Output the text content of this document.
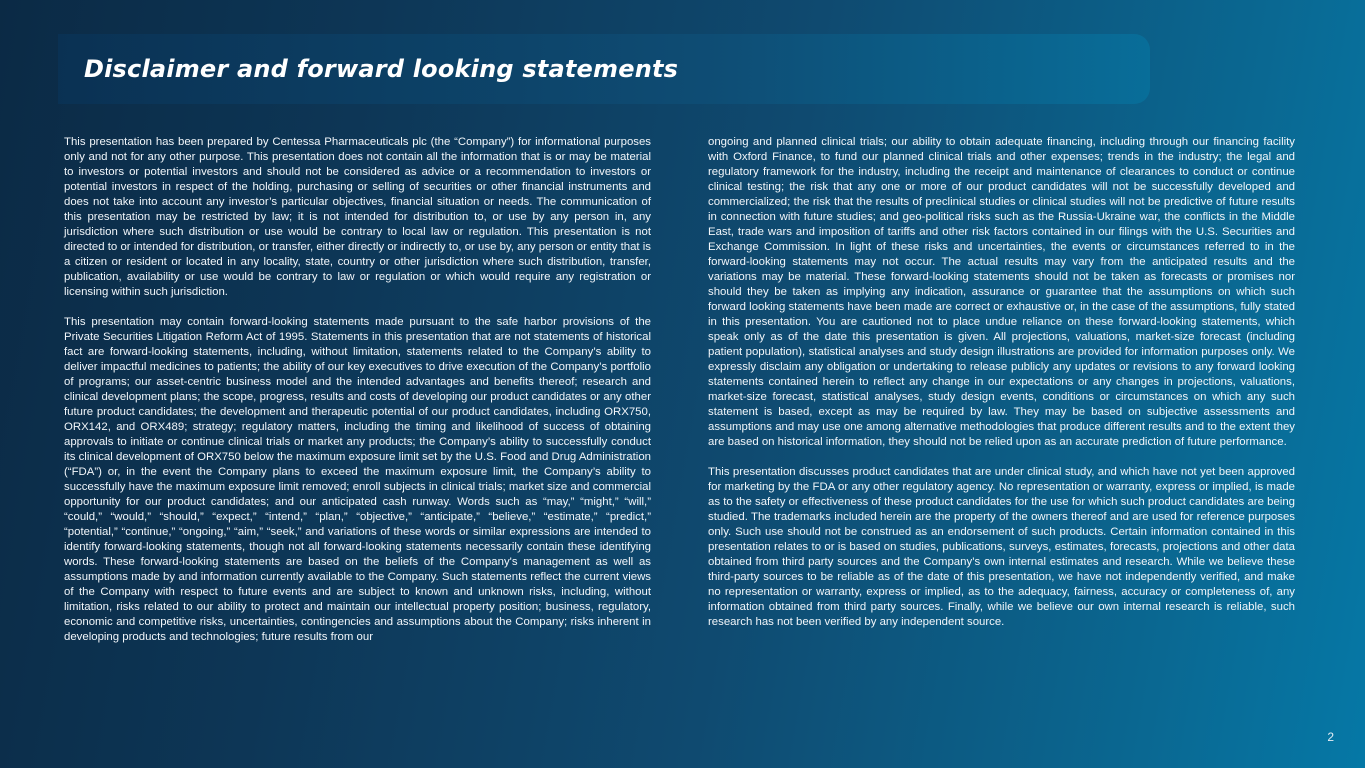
Disclaimer and forward looking statements

This presentation has been prepared by Centessa Pharmaceuticals plc (the “Company”) for informational purposes only and not for any other purpose. This presentation does not contain all the information that is or may be material to investors or potential investors and should not be considered as advice or a recommendation to investors or potential investors in respect of the holding, purchasing or selling of securities or other financial instruments and does not take into account any investor’s particular objectives, financial situation or needs. The communication of this presentation may be restricted by law; it is not intended for distribution to, or use by any person in, any jurisdiction where such distribution or use would be contrary to local law or regulation. This presentation is not directed to or intended for distribution, or transfer, either directly or indirectly to, or use by, any person or entity that is a citizen or resident or located in any locality, state, country or other jurisdiction where such distribution, transfer, publication, availability or use would be contrary to law or regulation or which would require any registration or licensing within such jurisdiction.

This presentation may contain forward-looking statements made pursuant to the safe harbor provisions of the Private Securities Litigation Reform Act of 1995. Statements in this presentation that are not statements of historical fact are forward-looking statements, including, without limitation, statements related to the Company’s ability to deliver impactful medicines to patients; the ability of our key executives to drive execution of the Company’s portfolio of programs; our asset-centric business model and the intended advantages and benefits thereof; research and clinical development plans; the scope, progress, results and costs of developing our product candidates or any other future product candidates; the development and therapeutic potential of our product candidates, including ORX750, ORX142, and ORX489; strategy; regulatory matters, including the timing and likelihood of success of obtaining approvals to initiate or continue clinical trials or market any products; the Company’s ability to successfully conduct its clinical development of ORX750 below the maximum exposure limit set by the U.S. Food and Drug Administration (“FDA”) or, in the event the Company plans to exceed the maximum exposure limit, the Company’s ability to successfully have the maximum exposure limit removed; enroll subjects in clinical trials; market size and commercial opportunity for our product candidates; and our anticipated cash runway. Words such as “may,” “might,” “will,” “could,” “would,” “should,” “expect,” “intend,” “plan,” “objective,” “anticipate,” “believe,” “estimate,” “predict,” “potential,” “continue,” “ongoing,” “aim,” “seek,” and variations of these words or similar expressions are intended to identify forward-looking statements, though not all forward-looking statements necessarily contain these identifying words. These forward-looking statements are based on the beliefs of the Company's management as well as assumptions made by and information currently available to the Company. Such statements reflect the current views of the Company with respect to future events and are subject to known and unknown risks, including, without limitation, risks related to our ability to protect and maintain our intellectual property position; business, regulatory, economic and competitive risks, uncertainties, contingencies and assumptions about the Company; risks inherent in developing products and technologies; future results from our

ongoing and planned clinical trials; our ability to obtain adequate financing, including through our financing facility with Oxford Finance, to fund our planned clinical trials and other expenses; trends in the industry; the legal and regulatory framework for the industry, including the receipt and maintenance of clearances to conduct or continue clinical testing; the risk that any one or more of our product candidates will not be successfully developed and commercialized; the risk that the results of preclinical studies or clinical studies will not be predictive of future results in connection with future studies; and geo-political risks such as the Russia-Ukraine war, the conflicts in the Middle East, trade wars and imposition of tariffs and other risk factors contained in our filings with the U.S. Securities and Exchange Commission. In light of these risks and uncertainties, the events or circumstances referred to in the forward-looking statements may not occur. The actual results may vary from the anticipated results and the variations may be material. These forward-looking statements should not be taken as forecasts or promises nor should they be taken as implying any indication, assurance or guarantee that the assumptions on which such forward looking statements have been made are correct or exhaustive or, in the case of the assumptions, fully stated in this presentation. You are cautioned not to place undue reliance on these forward-looking statements, which speak only as of the date this presentation is given. All projections, valuations, market-size forecast (including patient population), statistical analyses and study design illustrations are provided for information purposes only. We expressly disclaim any obligation or undertaking to release publicly any updates or revisions to any forward looking statements contained herein to reflect any change in our expectations or any changes in projections, valuations, market-size forecast, statistical analyses, study design events, conditions or circumstances on which any such statement is based, except as may be required by law. They may be based on subjective assessments and assumptions and may use one among alternative methodologies that produce different results and to the extent they are based on historical information, they should not be relied upon as an accurate prediction of future performance.

This presentation discusses product candidates that are under clinical study, and which have not yet been approved for marketing by the FDA or any other regulatory agency. No representation or warranty, express or implied, is made as to the safety or effectiveness of these product candidates for the use for which such product candidates are being studied. The trademarks included herein are the property of the owners thereof and are used for reference purposes only. Such use should not be construed as an endorsement of such products. Certain information contained in this presentation relates to or is based on studies, publications, surveys, estimates, forecasts, projections and other data obtained from third party sources and the Company’s own internal estimates and research. While we believe these third-party sources to be reliable as of the date of this presentation, we have not independently verified, and make no representation or warranty, express or implied, as to the adequacy, fairness, accuracy or completeness of, any information obtained from third party sources. Finally, while we believe our own internal research is reliable, such research has not been verified by any independent source.

2
